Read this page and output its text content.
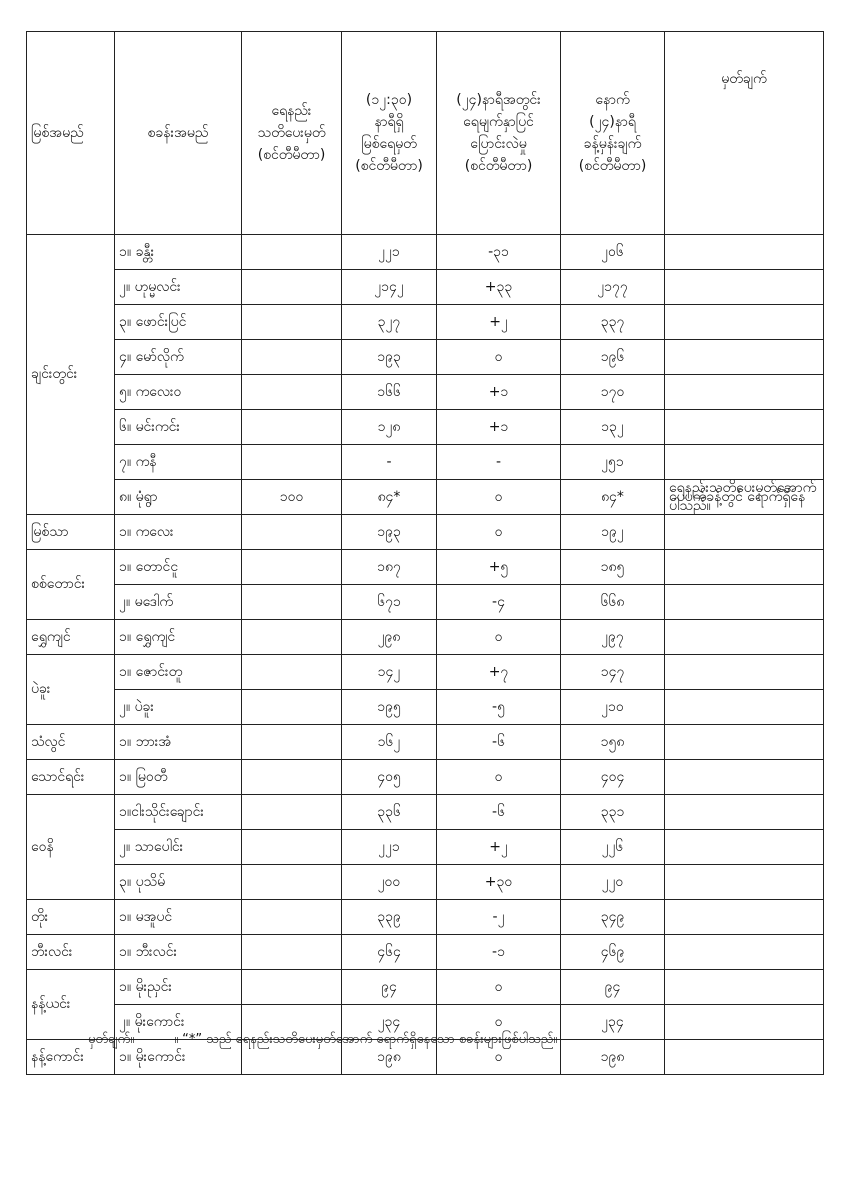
မြစ်အမည်	စခန်းအမည်	ရေနည်း
သတိပေးမှတ်
(စင်တီမီတာ)	(၁၂:၃၀)
နာရီရှိ
မြစ်ရေမှတ်
(စင်တီမီတာ)	(၂၄)နာရီအတွင်း
ရေမျက်နှာပြင်
ပြောင်းလဲမှု
(စင်တီမီတာ)	နောက်
(၂၄)နာရီ
ခန့်မှန်းချက်
(စင်တီမီတာ)	မှတ်ချက်
ချင်းတွင်း	၁။ ခန္တီး		၂၂၁	-၃၁	၂၀၆	
	၂။ ဟုမ္မလင်း		၂၁၄၂	+၃၃	၂၁၇၇	
	၃။ ဖောင်းပြင်		၃၂၇	+၂	၃၃၇	
	၄။ မော်လိုက်		၁၉၃	၀	၁၉၆	
	၅။ ကလေးဝ		၁၆၆	+၁	၁၇၀	
	၆။ မင်းကင်း		၁၂၈	+၁	၁၃၂	
	၇။ ကနီ		-	-	၂၅၁	
	၈။ မုံရွာ	၁၀၀	၈၄*	၀	၈၄*	ရေနည်းသတိပေးမှတ်အောက် ပေပက်ခန့်တွင် ရောက်ရှိနေပါသည်။
မြစ်သာ	၁။ ကလေး		၁၉၃	၀	၁၉၂	
စစ်တောင်း	၁။ တောင်ငူ		၁၈၇	+၅	၁၈၅	
	၂။ မဒေါက်		၆၇၁	-၄	၆၆၈	
ရွှေကျင်	၁။ ရွှေကျင်		၂၉၈	၀	၂၉၇	
ပဲခူး	၁။ ဇောင်းတူ		၁၄၂	+၇	၁၄၇	
	၂။ ပဲခူး		၁၉၅	-၅	၂၁၀	
သံလွင်	၁။ ဘားအံ		၁၆၂	-၆	၁၅၈	
သောင်ရင်း	၁။ မြဝတီ		၄၀၅	၀	၄၀၄	
ဝေနိ	၁။ငါးသိုင်းချောင်း		၃၃၆	-၆	၃၃၁	
	၂။ သာပေါင်း		၂၂၁	+၂	၂၂၆	
	၃။ ပုသိမ်		၂၀၀	+၃၀	၂၂၀	
တိုး	၁။ မအူပင်		၃၃၉	-၂	၃၄၉	
ဘီးလင်း	၁။ ဘီးလင်း		၄၆၄	-၁	၄၆၉	
နန့်ယင်း	၁။ မိုးညှင်း		၉၄	၀	၉၄	
	၂။ မိုးကောင်း		၂၃၄	၀	၂၃၄	
နန့်ကောင်း	၁။ မိုးကောင်း		၁၉၈	၀	၁၉၈	
မှတ်ချက်။	။ “*” သည် ရေနည်းသတိပေးမှတ်အောက် ရောက်ရှိနေသော စခန်းများဖြစ်ပါသည်။
